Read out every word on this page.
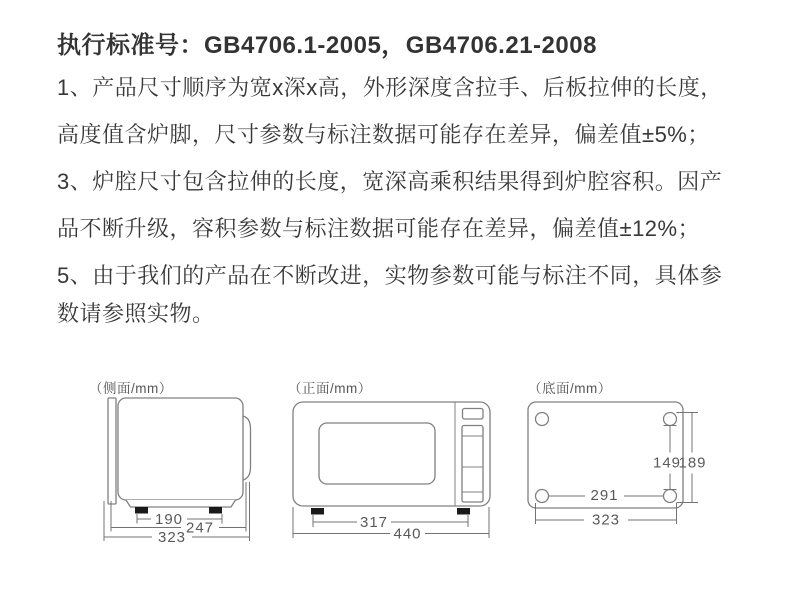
执行标准号：GB4706.1-2005，GB4706.21-2008
1、产品尺寸顺序为宽x深x高，外形深度含拉手、后板拉伸的长度，
高度值含炉脚，尺寸参数与标注数据可能存在差异，偏差值±5%；
3、炉腔尺寸包含拉伸的长度，宽深高乘积结果得到炉腔容积。因产
品不断升级，容积参数与标注数据可能存在差异，偏差值±12%；
5、由于我们的产品在不断改进，实物参数可能与标注不同，具体参
数请参照实物。
（侧面/mm）	（正面/mm）	（底面/mm）
190 247
323
317
440
149
189
291
323
